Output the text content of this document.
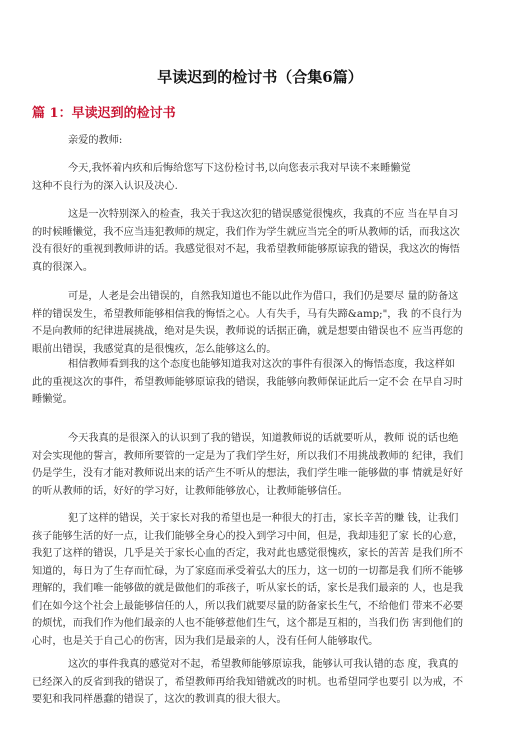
早读迟到的检讨书（合集6篇）
篇 1：早读迟到的检讨书
亲爱的教师:
今天,我怀着内疚和后悔给您写下这份检讨书,以向您表示我对早读不来睡懒觉
这种不良行为的深入认识及决心.
这是一次特别深入的检查，我关于我这次犯的错误感觉很愧疚，我真的不应 当在早自习
的时候睡懒觉，我不应当违犯教师的规定，我们作为学生就应当完全的听从教师的话，而我这次
没有很好的重视到教师讲的话。我感觉很对不起，我希望教师能够原谅我的错误，我这次的悔悟
真的很深入。
可是，人老是会出错误的，自然我知道也不能以此作为借口，我们仍是要尽 量的防备这
样的错误发生，希望教师能够相信我的悔悟之心。人有失手，马有失蹄&amp;"，我 的不良行为
不是向教师的纪律进展挑战，绝对是失误，教师说的话据正确，就是想要由错误也不 应当再您的
眼前出错误，我感觉真的是很愧疚，怎么能够这么的。
相信教师看到我的这个态度也能够知道我对这次的事件有很深入的悔悟态度，我这样如
此的重视这次的事件，希望教师能够原谅我的错误，我能够向教师保证此后一定不会 在早自习时
睡懒觉。
今天我真的是很深入的认识到了我的错误，知道教师说的话就要听从，教师 说的话也绝
对会实现他的誓言，教师所要管的一定是为了我们学生好，所以我们不用挑战教师的 纪律，我们
仍是学生，没有才能对教师说出来的话产生不听从的想法，我们学生唯一能够做的事 情就是好好
的听从教师的话，好好的学习好，让教师能够放心，让教师能够信任。
犯了这样的错误，关于家长对我的希望也是一种很大的打击，家长辛苦的赚 钱，让我们
孩子能够生活的好一点，让我们能够全身心的投入到学习中间，但是，我却违犯了家 长的心意，
我犯了这样的错误，几乎是关于家长心血的否定，我对此也感觉很愧疚，家长的苦苦 是我们所不
知道的，每日为了生存而忙碌，为了家庭而承受着弘大的压力，这一切的一切都是我 们所不能够
理解的，我们唯一能够做的就是做他们的乖孩子，听从家长的话，家长是我们最亲的 人，也是我
们在如今这个社会上最能够信任的人，所以我们就要尽量的防备家长生气，不给他们 带来不必要
的烦忧，而我们作为他们最亲的人也不能够惹他们生气，这个都是互相的，当我们伤 害到他们的
心时，也是关于自己心的伤害，因为我们是最亲的人，没有任何人能够取代。
这次的事件我真的感觉对不起，希望教师能够原谅我，能够认可我认错的态 度，我真的
已经深入的反省到我的错误了，希望教师再给我知错就改的时机。也希望同学也要引 以为戒，不
要犯和我同样愚蠢的错误了，这次的教训真的很大很大。
